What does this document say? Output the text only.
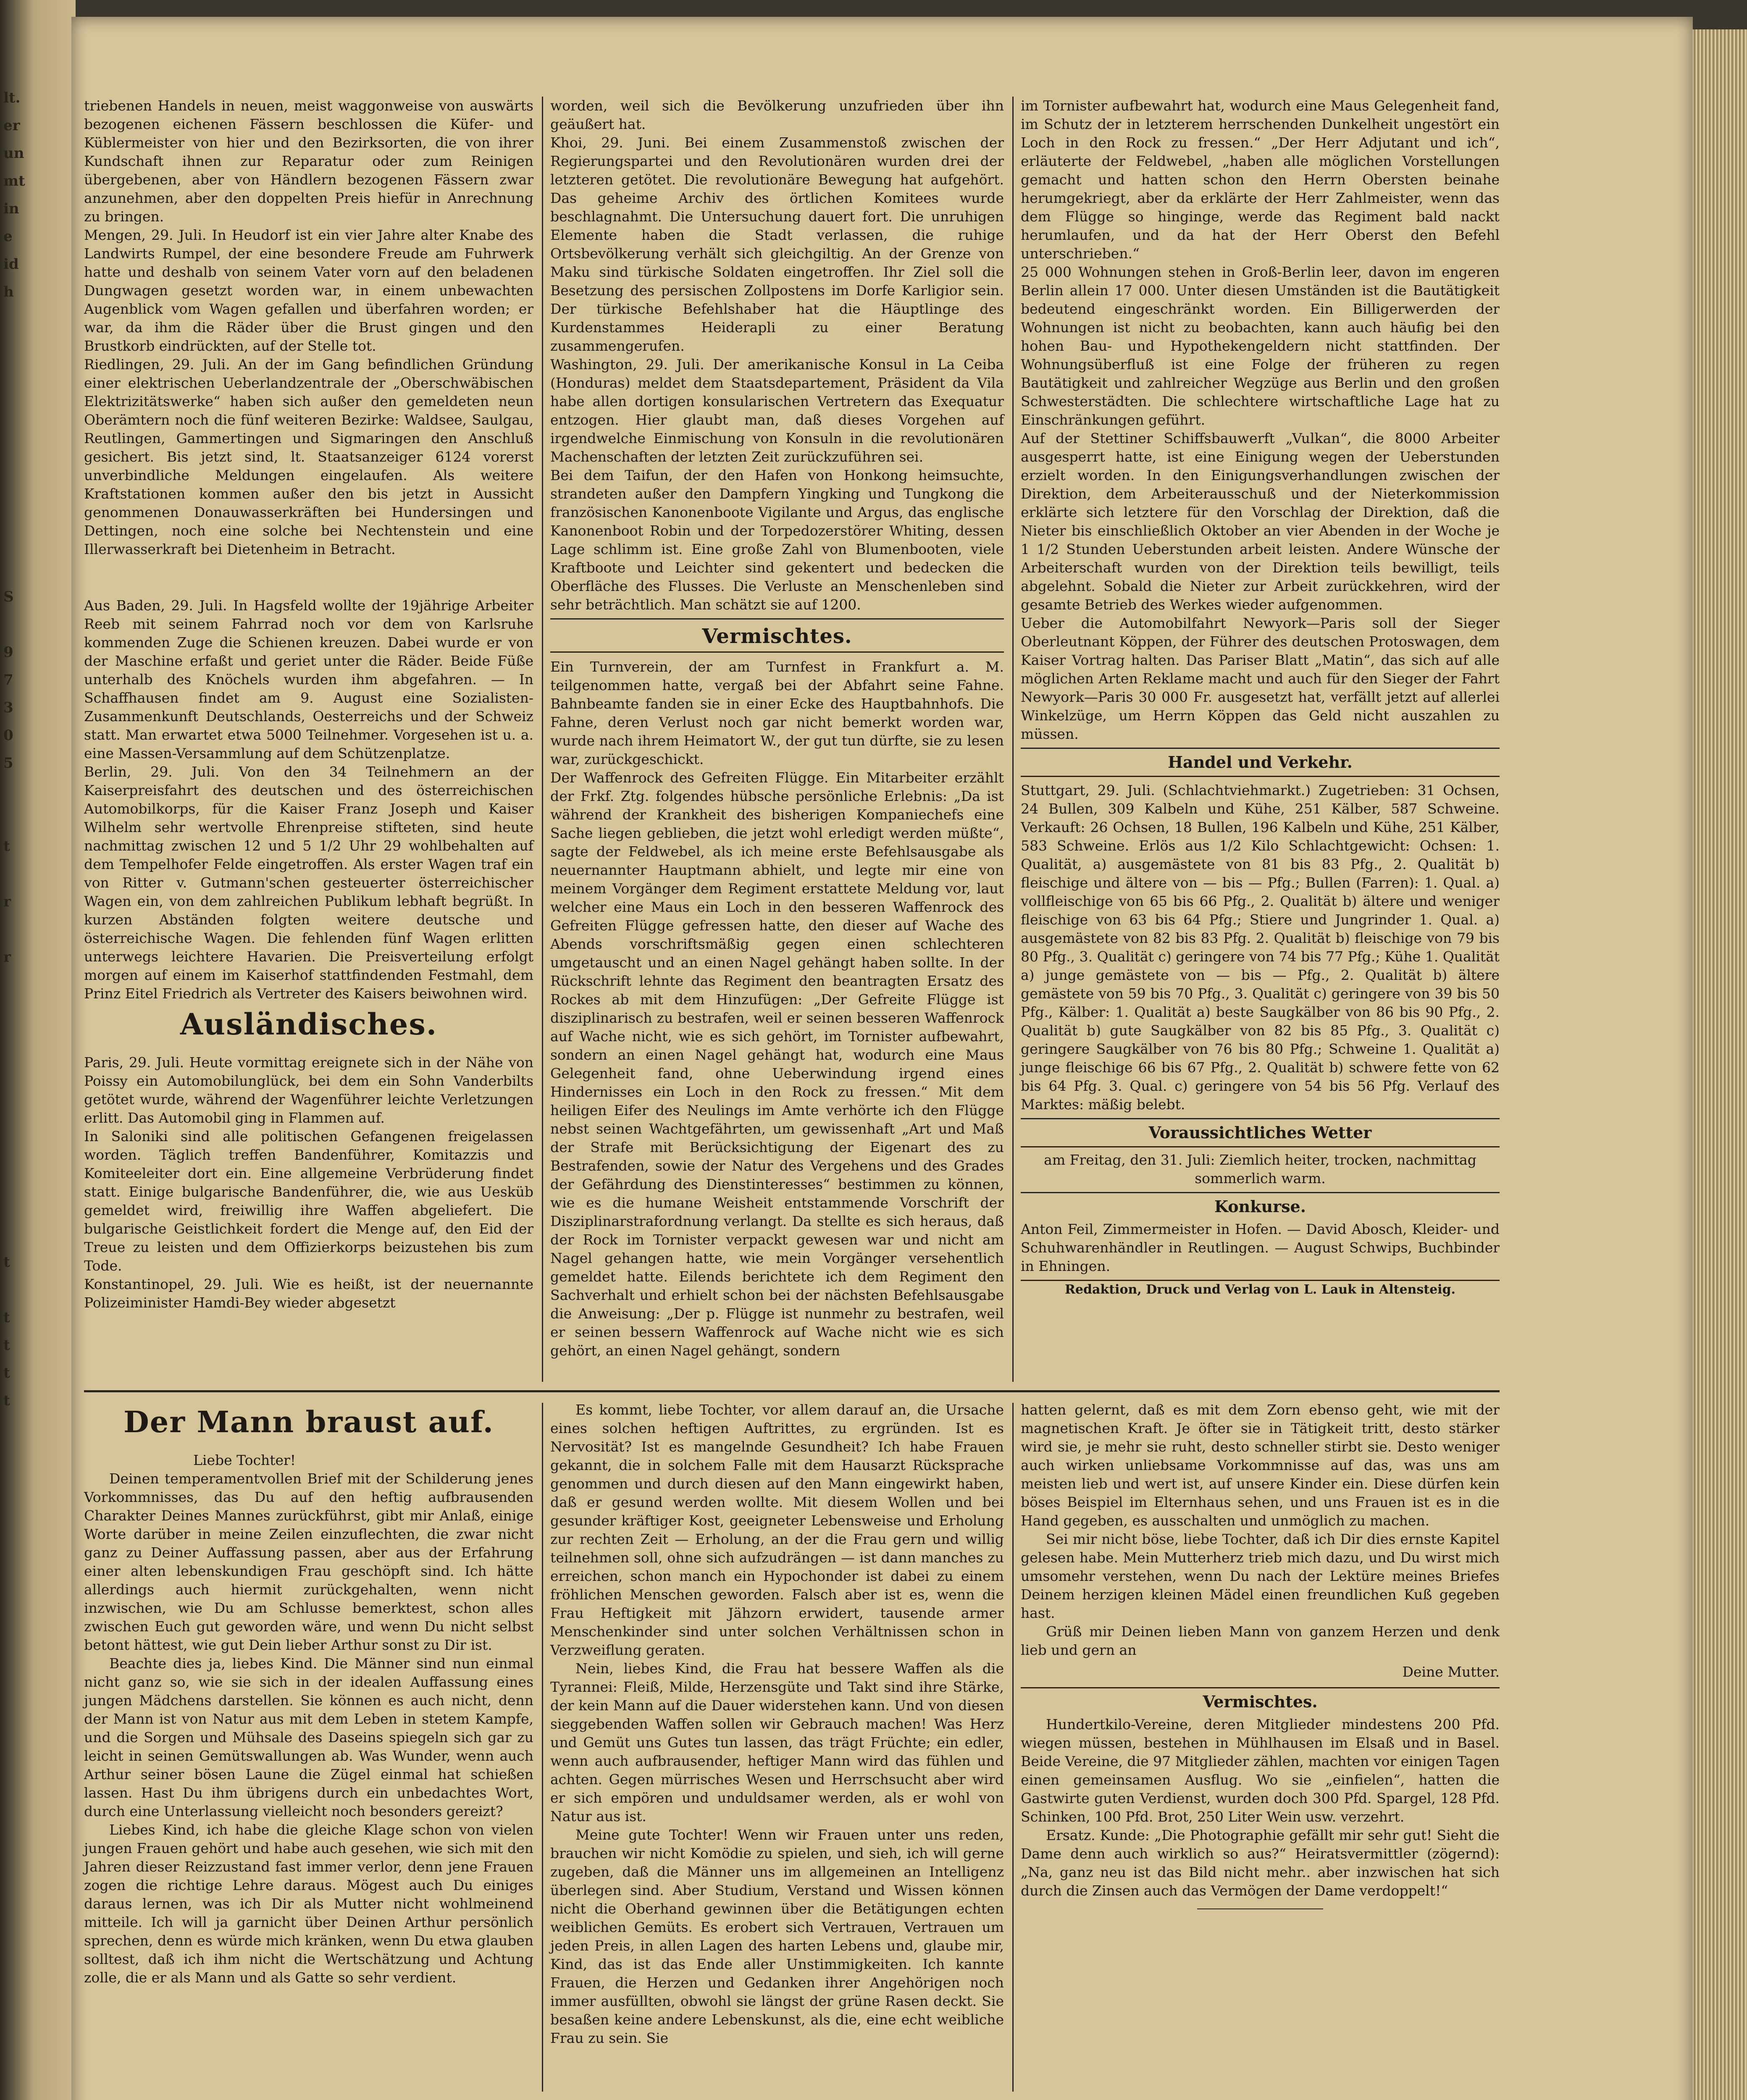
lt.
er
un
mt
in
e
id
h

S

9
7
3
0
5

t

r

r

t

t
t
t
t

triebenen Handels in neuen, meist waggonweise von auswärts bezogenen eichenen Fässern beschlossen die Küfer- und Küblermeister von hier und den Bezirksorten, die von ihrer Kundschaft ihnen zur Reparatur oder zum Reinigen übergebenen, aber von Händlern bezogenen Fässern zwar anzunehmen, aber den doppelten Preis hiefür in Anrechnung zu bringen.

Mengen, 29. Juli. In Heudorf ist ein vier Jahre alter Knabe des Landwirts Rumpel, der eine besondere Freude am Fuhrwerk hatte und deshalb von seinem Vater vorn auf den beladenen Dungwagen gesetzt worden war, in einem unbewachten Augenblick vom Wagen gefallen und überfahren worden; er war, da ihm die Räder über die Brust gingen und den Brustkorb eindrückten, auf der Stelle tot.

Riedlingen, 29. Juli. An der im Gang befindlichen Gründung einer elektrischen Ueberlandzentrale der „Oberschwäbischen Elektrizitätswerke“ haben sich außer den gemeldeten neun Oberämtern noch die fünf weiteren Bezirke: Waldsee, Saulgau, Reutlingen, Gammertingen und Sigmaringen den Anschluß gesichert. Bis jetzt sind, lt. Staatsanzeiger 6124 vorerst unverbindliche Meldungen eingelaufen. Als weitere Kraftstationen kommen außer den bis jetzt in Aussicht genommenen Donauwasserkräften bei Hundersingen und Dettingen, noch eine solche bei Nechtenstein und eine Illerwasserkraft bei Dietenheim in Betracht.

Aus Baden, 29. Juli. In Hagsfeld wollte der 19jährige Arbeiter Reeb mit seinem Fahrrad noch vor dem von Karlsruhe kommenden Zuge die Schienen kreuzen. Dabei wurde er von der Maschine erfaßt und geriet unter die Räder. Beide Füße unterhalb des Knöchels wurden ihm abgefahren. — In Schaffhausen findet am 9. August eine Sozialisten-Zusammenkunft Deutschlands, Oesterreichs und der Schweiz statt. Man erwartet etwa 5000 Teilnehmer. Vorgesehen ist u. a. eine Massen-Versammlung auf dem Schützenplatze.

Berlin, 29. Juli. Von den 34 Teilnehmern an der Kaiserpreisfahrt des deutschen und des österreichischen Automobilkorps, für die Kaiser Franz Joseph und Kaiser Wilhelm sehr wertvolle Ehrenpreise stifteten, sind heute nachmittag zwischen 12 und 5 1/2 Uhr 29 wohlbehalten auf dem Tempelhofer Felde eingetroffen. Als erster Wagen traf ein von Ritter v. Gutmann'schen gesteuerter österreichischer Wagen ein, von dem zahlreichen Publikum lebhaft begrüßt. In kurzen Abständen folgten weitere deutsche und österreichische Wagen. Die fehlenden fünf Wagen erlitten unterwegs leichtere Havarien. Die Preisverteilung erfolgt morgen auf einem im Kaiserhof stattfindenden Festmahl, dem Prinz Eitel Friedrich als Vertreter des Kaisers beiwohnen wird.

Ausländisches.

Paris, 29. Juli. Heute vormittag ereignete sich in der Nähe von Poissy ein Automobilunglück, bei dem ein Sohn Vanderbilts getötet wurde, während der Wagenführer leichte Verletzungen erlitt. Das Automobil ging in Flammen auf.

In Saloniki sind alle politischen Gefangenen freigelassen worden. Täglich treffen Bandenführer, Komitazzis und Komiteeleiter dort ein. Eine allgemeine Verbrüderung findet statt. Einige bulgarische Bandenführer, die, wie aus Uesküb gemeldet wird, freiwillig ihre Waffen abgeliefert. Die bulgarische Geistlichkeit fordert die Menge auf, den Eid der Treue zu leisten und dem Offizierkorps beizustehen bis zum Tode.

Konstantinopel, 29. Juli. Wie es heißt, ist der neuernannte Polizeiminister Hamdi-Bey wieder abgesetzt

worden, weil sich die Bevölkerung unzufrieden über ihn geäußert hat.

Khoi, 29. Juni. Bei einem Zusammenstoß zwischen der Regierungspartei und den Revolutionären wurden drei der letzteren getötet. Die revolutionäre Bewegung hat aufgehört. Das geheime Archiv des örtlichen Komitees wurde beschlagnahmt. Die Untersuchung dauert fort. Die unruhigen Elemente haben die Stadt verlassen, die ruhige Ortsbevölkerung verhält sich gleichgiltig. An der Grenze von Maku sind türkische Soldaten eingetroffen. Ihr Ziel soll die Besetzung des persischen Zollpostens im Dorfe Karligior sein. Der türkische Befehlshaber hat die Häuptlinge des Kurdenstammes Heiderapli zu einer Beratung zusammengerufen.

Washington, 29. Juli. Der amerikanische Konsul in La Ceiba (Honduras) meldet dem Staatsdepartement, Präsident da Vila habe allen dortigen konsularischen Vertretern das Exequatur entzogen. Hier glaubt man, daß dieses Vorgehen auf irgendwelche Einmischung von Konsuln in die revolutionären Machenschaften der letzten Zeit zurückzuführen sei.

Bei dem Taifun, der den Hafen von Honkong heimsuchte, strandeten außer den Dampfern Yingking und Tungkong die französischen Kanonenboote Vigilante und Argus, das englische Kanonenboot Robin und der Torpedozerstörer Whiting, dessen Lage schlimm ist. Eine große Zahl von Blumenbooten, viele Kraftboote und Leichter sind gekentert und bedecken die Oberfläche des Flusses. Die Verluste an Menschenleben sind sehr beträchtlich. Man schätzt sie auf 1200.

Vermischtes.

Ein Turnverein, der am Turnfest in Frankfurt a. M. teilgenommen hatte, vergaß bei der Abfahrt seine Fahne. Bahnbeamte fanden sie in einer Ecke des Hauptbahnhofs. Die Fahne, deren Verlust noch gar nicht bemerkt worden war, wurde nach ihrem Heimatort W., der gut tun dürfte, sie zu lesen war, zurückgeschickt.

Der Waffenrock des Gefreiten Flügge. Ein Mitarbeiter erzählt der Frkf. Ztg. folgendes hübsche persönliche Erlebnis: „Da ist während der Krankheit des bisherigen Kompaniechefs eine Sache liegen geblieben, die jetzt wohl erledigt werden müßte“, sagte der Feldwebel, als ich meine erste Befehlsausgabe als neuernannter Hauptmann abhielt, und legte mir eine von meinem Vorgänger dem Regiment erstattete Meldung vor, laut welcher eine Maus ein Loch in den besseren Waffenrock des Gefreiten Flügge gefressen hatte, den dieser auf Wache des Abends vorschriftsmäßig gegen einen schlechteren umgetauscht und an einen Nagel gehängt haben sollte. In der Rückschrift lehnte das Regiment den beantragten Ersatz des Rockes ab mit dem Hinzufügen: „Der Gefreite Flügge ist disziplinarisch zu bestrafen, weil er seinen besseren Waffenrock auf Wache nicht, wie es sich gehört, im Tornister aufbewahrt, sondern an einen Nagel gehängt hat, wodurch eine Maus Gelegenheit fand, ohne Ueberwindung irgend eines Hindernisses ein Loch in den Rock zu fressen.“ Mit dem heiligen Eifer des Neulings im Amte verhörte ich den Flügge nebst seinen Wachtgefährten, um gewissenhaft „Art und Maß der Strafe mit Berücksichtigung der Eigenart des zu Bestrafenden, sowie der Natur des Vergehens und des Grades der Gefährdung des Dienstinteresses“ bestimmen zu können, wie es die humane Weisheit entstammende Vorschrift der Disziplinarstrafordnung verlangt. Da stellte es sich heraus, daß der Rock im Tornister verpackt gewesen war und nicht am Nagel gehangen hatte, wie mein Vorgänger versehentlich gemeldet hatte. Eilends berichtete ich dem Regiment den Sachverhalt und erhielt schon bei der nächsten Befehlsausgabe die Anweisung: „Der p. Flügge ist nunmehr zu bestrafen, weil er seinen bessern Waffenrock auf Wache nicht wie es sich gehört, an einen Nagel gehängt, sondern

im Tornister aufbewahrt hat, wodurch eine Maus Gelegenheit fand, im Schutz der in letzterem herrschenden Dunkelheit ungestört ein Loch in den Rock zu fressen.“ „Der Herr Adjutant und ich“, erläuterte der Feldwebel, „haben alle möglichen Vorstellungen gemacht und hatten schon den Herrn Obersten beinahe herumgekriegt, aber da erklärte der Herr Zahlmeister, wenn das dem Flügge so hinginge, werde das Regiment bald nackt herumlaufen, und da hat der Herr Oberst den Befehl unterschrieben.“

25 000 Wohnungen stehen in Groß-Berlin leer, davon im engeren Berlin allein 17 000. Unter diesen Umständen ist die Bautätigkeit bedeutend eingeschränkt worden. Ein Billigerwerden der Wohnungen ist nicht zu beobachten, kann auch häufig bei den hohen Bau- und Hypothekengeldern nicht stattfinden. Der Wohnungsüberfluß ist eine Folge der früheren zu regen Bautätigkeit und zahlreicher Wegzüge aus Berlin und den großen Schwesterstädten. Die schlechtere wirtschaftliche Lage hat zu Einschränkungen geführt.

Auf der Stettiner Schiffsbauwerft „Vulkan“, die 8000 Arbeiter ausgesperrt hatte, ist eine Einigung wegen der Ueberstunden erzielt worden. In den Einigungsverhandlungen zwischen der Direktion, dem Arbeiterausschuß und der Nieterkommission erklärte sich letztere für den Vorschlag der Direktion, daß die Nieter bis einschließlich Oktober an vier Abenden in der Woche je 1 1/2 Stunden Ueberstunden arbeit leisten. Andere Wünsche der Arbeiterschaft wurden von der Direktion teils bewilligt, teils abgelehnt. Sobald die Nieter zur Arbeit zurückkehren, wird der gesamte Betrieb des Werkes wieder aufgenommen.

Ueber die Automobilfahrt Newyork—Paris soll der Sieger Oberleutnant Köppen, der Führer des deutschen Protoswagen, dem Kaiser Vortrag halten. Das Pariser Blatt „Matin“, das sich auf alle möglichen Arten Reklame macht und auch für den Sieger der Fahrt Newyork—Paris 30 000 Fr. ausgesetzt hat, verfällt jetzt auf allerlei Winkelzüge, um Herrn Köppen das Geld nicht auszahlen zu müssen.

Handel und Verkehr.

Stuttgart, 29. Juli. (Schlachtviehmarkt.) Zugetrieben: 31 Ochsen, 24 Bullen, 309 Kalbeln und Kühe, 251 Kälber, 587 Schweine. Verkauft: 26 Ochsen, 18 Bullen, 196 Kalbeln und Kühe, 251 Kälber, 583 Schweine. Erlös aus 1/2 Kilo Schlachtgewicht: Ochsen: 1. Qualität, a) ausgemästete von 81 bis 83 Pfg., 2. Qualität b) fleischige und ältere von — bis — Pfg.; Bullen (Farren): 1. Qual. a) vollfleischige von 65 bis 66 Pfg., 2. Qualität b) ältere und weniger fleischige von 63 bis 64 Pfg.; Stiere und Jungrinder 1. Qual. a) ausgemästete von 82 bis 83 Pfg. 2. Qualität b) fleischige von 79 bis 80 Pfg., 3. Qualität c) geringere von 74 bis 77 Pfg.; Kühe 1. Qualität a) junge gemästete von — bis — Pfg., 2. Qualität b) ältere gemästete von 59 bis 70 Pfg., 3. Qualität c) geringere von 39 bis 50 Pfg., Kälber: 1. Qualität a) beste Saugkälber von 86 bis 90 Pfg., 2. Qualität b) gute Saugkälber von 82 bis 85 Pfg., 3. Qualität c) geringere Saugkälber von 76 bis 80 Pfg.; Schweine 1. Qualität a) junge fleischige 66 bis 67 Pfg., 2. Qualität b) schwere fette von 62 bis 64 Pfg. 3. Qual. c) geringere von 54 bis 56 Pfg. Verlauf des Marktes: mäßig belebt.

Voraussichtliches Wetter

am Freitag, den 31. Juli: Ziemlich heiter, trocken, nachmittag sommerlich warm.

Konkurse.

Anton Feil, Zimmermeister in Hofen. — David Abosch, Kleider- und Schuhwarenhändler in Reutlingen. — August Schwips, Buchbinder in Ehningen.

Redaktion, Druck und Verlag von L. Lauk in Altensteig.
Der Mann braust auf.

Liebe Tochter!

Deinen temperamentvollen Brief mit der Schilderung jenes Vorkommnisses, das Du auf den heftig aufbrausenden Charakter Deines Mannes zurückführst, gibt mir Anlaß, einige Worte darüber in meine Zeilen einzuflechten, die zwar nicht ganz zu Deiner Auffassung passen, aber aus der Erfahrung einer alten lebenskundigen Frau geschöpft sind. Ich hätte allerdings auch hiermit zurückgehalten, wenn nicht inzwischen, wie Du am Schlusse bemerktest, schon alles zwischen Euch gut geworden wäre, und wenn Du nicht selbst betont hättest, wie gut Dein lieber Arthur sonst zu Dir ist.

Beachte dies ja, liebes Kind. Die Männer sind nun einmal nicht ganz so, wie sie sich in der idealen Auffassung eines jungen Mädchens darstellen. Sie können es auch nicht, denn der Mann ist von Natur aus mit dem Leben in stetem Kampfe, und die Sorgen und Mühsale des Daseins spiegeln sich gar zu leicht in seinen Gemütswallungen ab. Was Wunder, wenn auch Arthur seiner bösen Laune die Zügel einmal hat schießen lassen. Hast Du ihm übrigens durch ein unbedachtes Wort, durch eine Unterlassung vielleicht noch besonders gereizt?

Liebes Kind, ich habe die gleiche Klage schon von vielen jungen Frauen gehört und habe auch gesehen, wie sich mit den Jahren dieser Reizzustand fast immer verlor, denn jene Frauen zogen die richtige Lehre daraus. Mögest auch Du einiges daraus lernen, was ich Dir als Mutter nicht wohlmeinend mitteile. Ich will ja garnicht über Deinen Arthur persönlich sprechen, denn es würde mich kränken, wenn Du etwa glauben solltest, daß ich ihm nicht die Wertschätzung und Achtung zolle, die er als Mann und als Gatte so sehr verdient.

Es kommt, liebe Tochter, vor allem darauf an, die Ursache eines solchen heftigen Auftrittes, zu ergründen. Ist es Nervosität? Ist es mangelnde Gesundheit? Ich habe Frauen gekannt, die in solchem Falle mit dem Hausarzt Rücksprache genommen und durch diesen auf den Mann eingewirkt haben, daß er gesund werden wollte. Mit diesem Wollen und bei gesunder kräftiger Kost, geeigneter Lebensweise und Erholung zur rechten Zeit — Erholung, an der die Frau gern und willig teilnehmen soll, ohne sich aufzudrängen — ist dann manches zu erreichen, schon manch ein Hypochonder ist dabei zu einem fröhlichen Menschen geworden. Falsch aber ist es, wenn die Frau Heftigkeit mit Jähzorn erwidert, tausende armer Menschenkinder sind unter solchen Verhältnissen schon in Verzweiflung geraten.

Nein, liebes Kind, die Frau hat bessere Waffen als die Tyrannei: Fleiß, Milde, Herzensgüte und Takt sind ihre Stärke, der kein Mann auf die Dauer widerstehen kann. Und von diesen sieggebenden Waffen sollen wir Gebrauch machen! Was Herz und Gemüt uns Gutes tun lassen, das trägt Früchte; ein edler, wenn auch aufbrausender, heftiger Mann wird das fühlen und achten. Gegen mürrisches Wesen und Herrschsucht aber wird er sich empören und unduldsamer werden, als er wohl von Natur aus ist.

Meine gute Tochter! Wenn wir Frauen unter uns reden, brauchen wir nicht Komödie zu spielen, und sieh, ich will gerne zugeben, daß die Männer uns im allgemeinen an Intelligenz überlegen sind. Aber Studium, Verstand und Wissen können nicht die Oberhand gewinnen über die Betätigungen echten weiblichen Gemüts. Es erobert sich Vertrauen, Vertrauen um jeden Preis, in allen Lagen des harten Lebens und, glaube mir, Kind, das ist das Ende aller Unstimmigkeiten. Ich kannte Frauen, die Herzen und Gedanken ihrer Angehörigen noch immer ausfüllten, obwohl sie längst der grüne Rasen deckt. Sie besaßen keine andere Lebenskunst, als die, eine echt weibliche Frau zu sein. Sie

hatten gelernt, daß es mit dem Zorn ebenso geht, wie mit der magnetischen Kraft. Je öfter sie in Tätigkeit tritt, desto stärker wird sie, je mehr sie ruht, desto schneller stirbt sie. Desto weniger auch wirken unliebsame Vorkommnisse auf das, was uns am meisten lieb und wert ist, auf unsere Kinder ein. Diese dürfen kein böses Beispiel im Elternhaus sehen, und uns Frauen ist es in die Hand gegeben, es ausschalten und unmöglich zu machen.

Sei mir nicht böse, liebe Tochter, daß ich Dir dies ernste Kapitel gelesen habe. Mein Mutterherz trieb mich dazu, und Du wirst mich umsomehr verstehen, wenn Du nach der Lektüre meines Briefes Deinem herzigen kleinen Mädel einen freundlichen Kuß gegeben hast.

Grüß mir Deinen lieben Mann von ganzem Herzen und denk lieb und gern an

Deine Mutter.

Vermischtes.

Hundertkilo-Vereine, deren Mitglieder mindestens 200 Pfd. wiegen müssen, bestehen in Mühlhausen im Elsaß und in Basel. Beide Vereine, die 97 Mitglieder zählen, machten vor einigen Tagen einen gemeinsamen Ausflug. Wo sie „einfielen“, hatten die Gastwirte guten Verdienst, wurden doch 300 Pfd. Spargel, 128 Pfd. Schinken, 100 Pfd. Brot, 250 Liter Wein usw. verzehrt.

Ersatz. Kunde: „Die Photographie gefällt mir sehr gut! Sieht die Dame denn auch wirklich so aus?“ Heiratsvermittler (zögernd): „Na, ganz neu ist das Bild nicht mehr.. aber inzwischen hat sich durch die Zinsen auch das Vermögen der Dame verdoppelt!“
